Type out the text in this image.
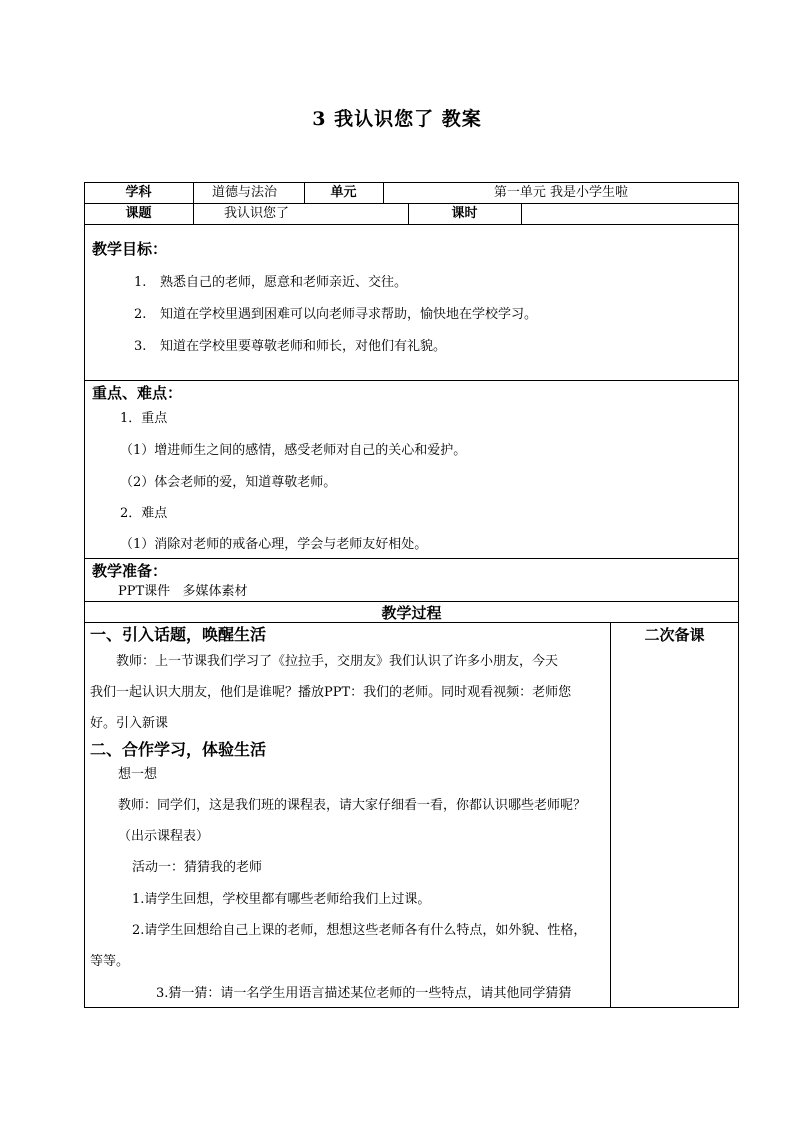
3 我认识您了 教案
学科	道德与法治	单元	第一单元 我是小学生啦
课题	我认识您了	课时
教学目标：
1. 熟悉自己的老师，愿意和老师亲近、交往。
2. 知道在学校里遇到困难可以向老师寻求帮助，愉快地在学校学习。
3. 知道在学校里要尊敬老师和师长，对他们有礼貌。
重点、难点：
1．重点
（1）增进师生之间的感情，感受老师对自己的关心和爱护。
（2）体会老师的爱，知道尊敬老师。
2．难点
（1）消除对老师的戒备心理，学会与老师友好相处。
教学准备：
PPT课件   多媒体素材
教学过程
二次备课
一、引入话题，唤醒生活
教师：上一节课我们学习了《拉拉手，交朋友》我们认识了许多小朋友，今天
我们一起认识大朋友，他们是谁呢？播放PPT：我们的老师。同时观看视频：老师您
好。引入新课
二、合作学习，体验生活
想一想
教师：同学们，这是我们班的课程表，请大家仔细看一看，你都认识哪些老师呢？
（出示课程表）
活动一：猜猜我的老师
1.请学生回想，学校里都有哪些老师给我们上过课。
2.请学生回想给自己上课的老师，想想这些老师各有什么特点，如外貌、性格，
等等。
3.猜一猜：请一名学生用语言描述某位老师的一些特点，请其他同学猜猜
